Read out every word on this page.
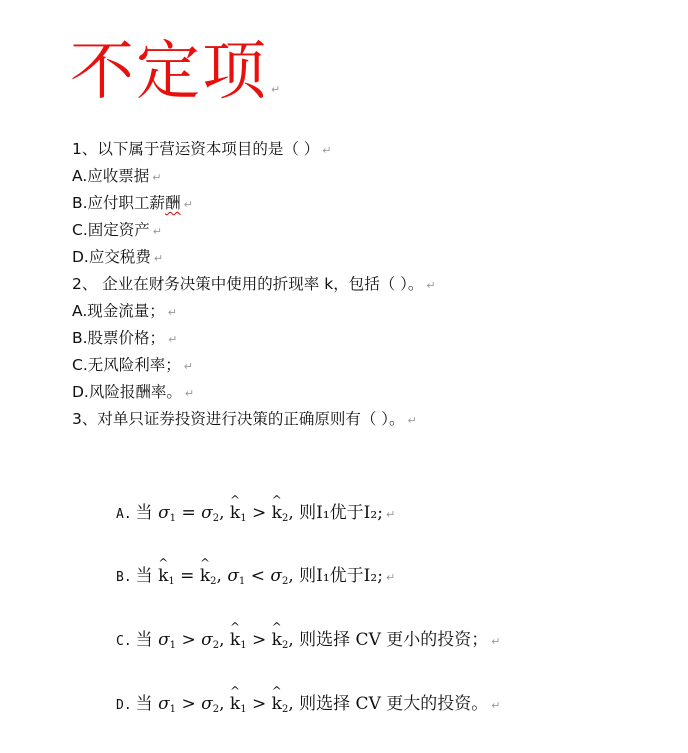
不定项 ↵
1、以下属于营运资本项目的是（ ） ↵
A.应收票据 ↵
B.应付职工薪酬 ↵
C.固定资产 ↵
D.应交税费 ↵
2、 企业在财务决策中使用的折现率 k，包括（ ）。 ↵
A.现金流量； ↵
B.股票价格； ↵
C.无风险利率； ↵
D.风险报酬率。 ↵
3、对单只证券投资进行决策的正确原则有（ ）。 ↵
A. 当 $\sigma_1 = \sigma_2$, ^ $k_1$ > ^ $k_2$, 则I₁优于I₂; ↵
B. 当 ^ $k_1$ = ^ $k_2$, $\sigma_1 < \sigma_2$, 则I₁优于I₂; ↵
C. 当 $\sigma_1 > \sigma_2$, ^ $k_1$ > ^ $k_2$, 则选择 CV 更小的投资； ↵
D. 当 $\sigma_1 > \sigma_2$, ^ $k_1$ > ^ $k_2$, 则选择 CV 更大的投资。 ↵
